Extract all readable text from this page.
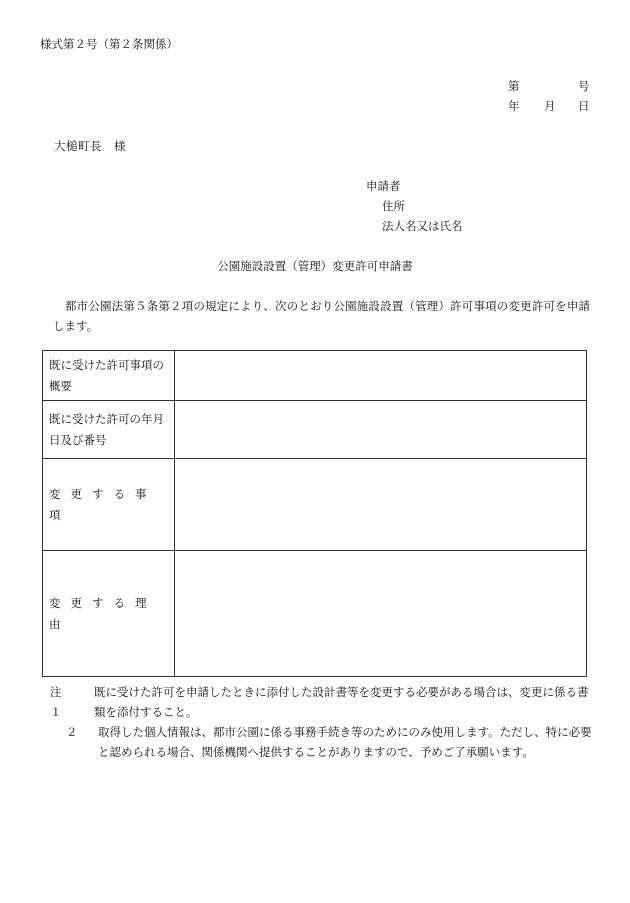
様式第２号（第２条関係）
第	号
年 月 日
大槌町長　様
申請者
住所
法人名又は氏名
公園施設設置（管理）変更許可申請書
都市公園法第５条第２項の規定により、次のとおり公園施設設置（管理）許可事項の変更許可を申請します。
既に受けた許可事項の概要	
既に受けた許可の年月日及び番号	
変更する事項	
変更する理由	
注　　１
既に受けた許可を申請したときに添付した設計書等を変更する必要がある場合は、変更に係る書類を添付すること。
２	取得した個人情報は、都市公園に係る事務手続き等のためにのみ使用します。ただし、特に必要と認められる場合、関係機関へ提供することがありますので、予めご了承願います。
